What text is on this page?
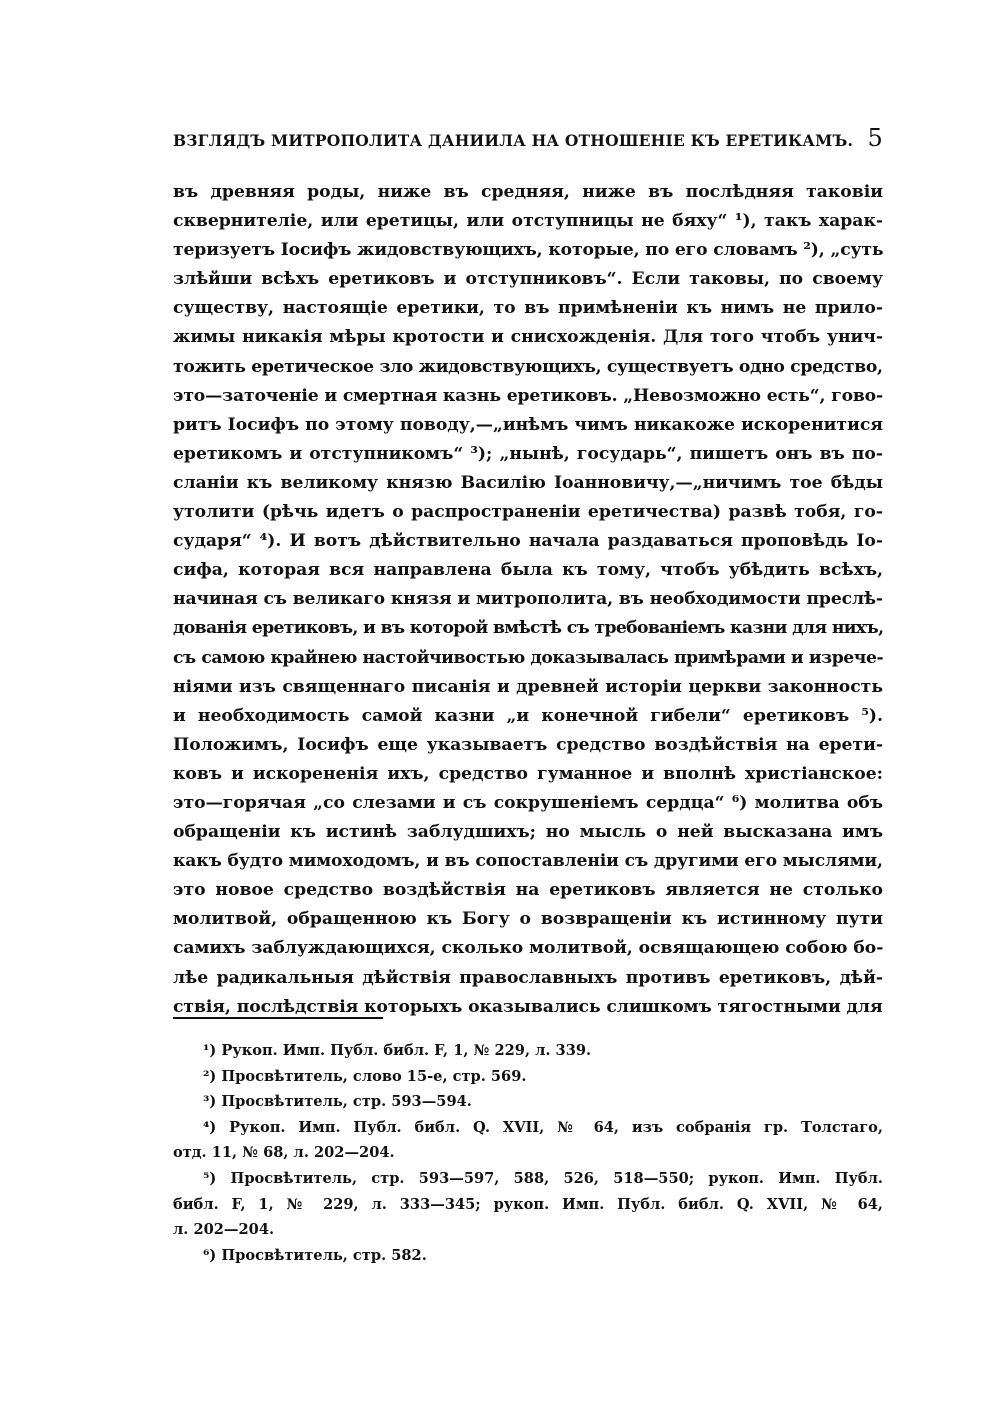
ВЗГЛЯДЪ МИТРОПОЛИТА ДАНИИЛА НА ОТНОШЕНІЕ КЪ ЕРЕТИКАМЪ. 5
въ древняя роды, ниже въ средняя, ниже въ послѣдняя таковіи
сквернителіе, или еретицы, или отступницы не бяху“ ¹), такъ харак-
теризуетъ Іосифъ жидовствующихъ, которые, по его словамъ ²), „суть
злѣйши всѣхъ еретиковъ и отступниковъ“. Если таковы, по своему
существу, настоящіе еретики, то въ примѣненіи къ нимъ не прило-
жимы никакія мѣры кротости и снисхожденія. Для того чтобъ унич-
тожить еретическое зло жидовствующихъ, существуетъ одно средство,
это—заточеніе и смертная казнь еретиковъ. „Невозможно есть“, гово-
ритъ Іосифъ по этому поводу,—„инѣмъ чимъ никакоже искоренитися
еретикомъ и отступникомъ“ ³); „нынѣ, государь“, пишетъ онъ въ по-
сланіи къ великому князю Василію Іоанновичу,—„ничимъ тое бѣды
утолити (рѣчь идетъ о распространеніи еретичества) развѣ тобя, го-
сударя“ ⁴). И вотъ дѣйствительно начала раздаваться проповѣдь Іо-
сифа, которая вся направлена была къ тому, чтобъ убѣдить всѣхъ,
начиная съ великаго князя и митрополита, въ необходимости преслѣ-
дованія еретиковъ, и въ которой вмѣстѣ съ требованіемъ казни для нихъ,
съ самою крайнею настойчивостью доказывалась примѣрами и изрече-
ніями изъ священнаго писанія и древней исторіи церкви законность
и необходимость самой казни „и конечной гибели“ еретиковъ ⁵).
Положимъ, Іосифъ еще указываетъ средство воздѣйствія на ерети-
ковъ и искорененія ихъ, средство гуманное и вполнѣ христіанское:
это—горячая „со слезами и съ сокрушеніемъ сердца“ ⁶) молитва объ
обращеніи къ истинѣ заблудшихъ; но мысль о ней высказана имъ
какъ будто мимоходомъ, и въ сопоставленіи съ другими его мыслями,
это новое средство воздѣйствія на еретиковъ является не столько
молитвой, обращенною къ Богу о возвращеніи къ истинному пути
самихъ заблуждающихся, сколько молитвой, освящающею собою бо-
лѣе радикальныя дѣйствія православныхъ противъ еретиковъ, дѣй-
ствія, послѣдствія которыхъ оказывались слишкомъ тягостными для
¹) Рукоп. Имп. Публ. библ. F, 1, № 229, л. 339.
²) Просвѣтитель, слово 15-е, стр. 569.
³) Просвѣтитель, стр. 593—594.
⁴) Рукоп. Имп. Публ. библ. Q. XVII, № 64, изъ собранія гр. Толстаго,
отд. 11, № 68, л. 202—204.
⁵) Просвѣтитель, стр. 593—597, 588, 526, 518—550; рукоп. Имп. Публ.
библ. F, 1, № 229, л. 333—345; рукоп. Имп. Публ. библ. Q. XVII, № 64,
л. 202—204.
⁶) Просвѣтитель, стр. 582.
